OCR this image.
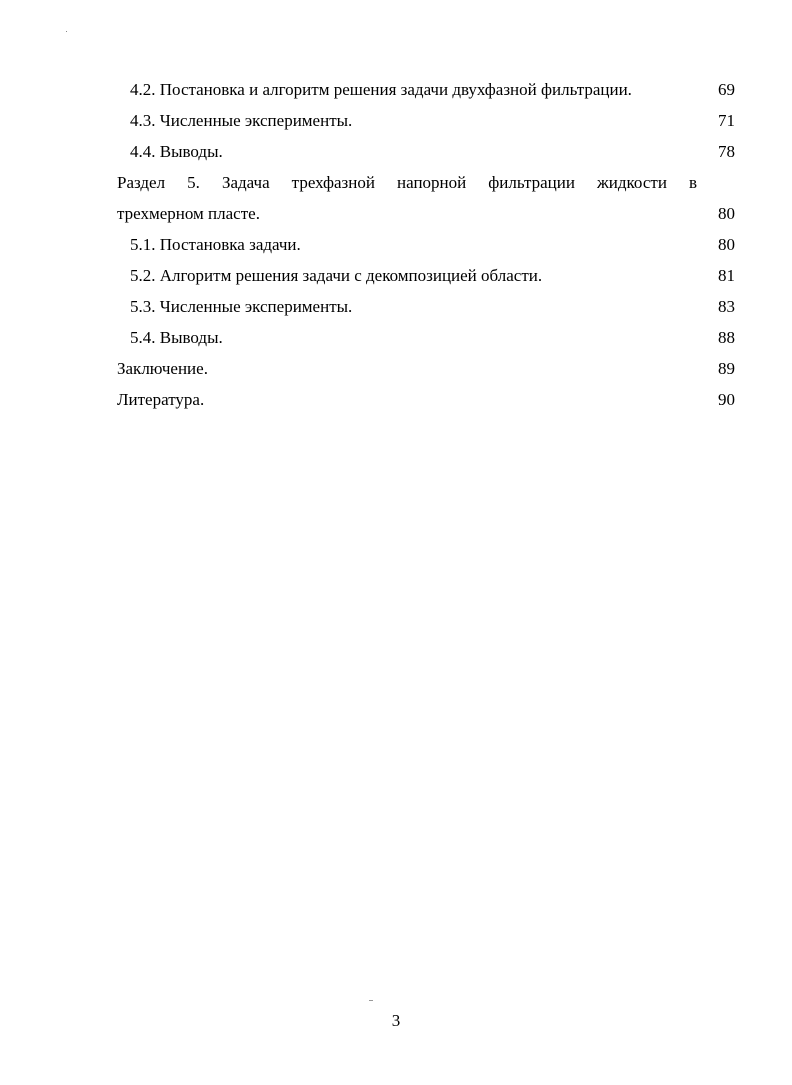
4.2. Постановка и алгоритм решения задачи двухфазной фильтрации.	69
4.3. Численные эксперименты.	71
4.4. Выводы.	78
Раздел 5. Задача трехфазной напорной фильтрации жидкости в
трехмерном пласте.	80
5.1. Постановка задачи.	80
5.2. Алгоритм решения задачи с декомпозицией области.	81
5.3. Численные эксперименты.	83
5.4. Выводы.	88
Заключение.	89
Литература.	90
3
